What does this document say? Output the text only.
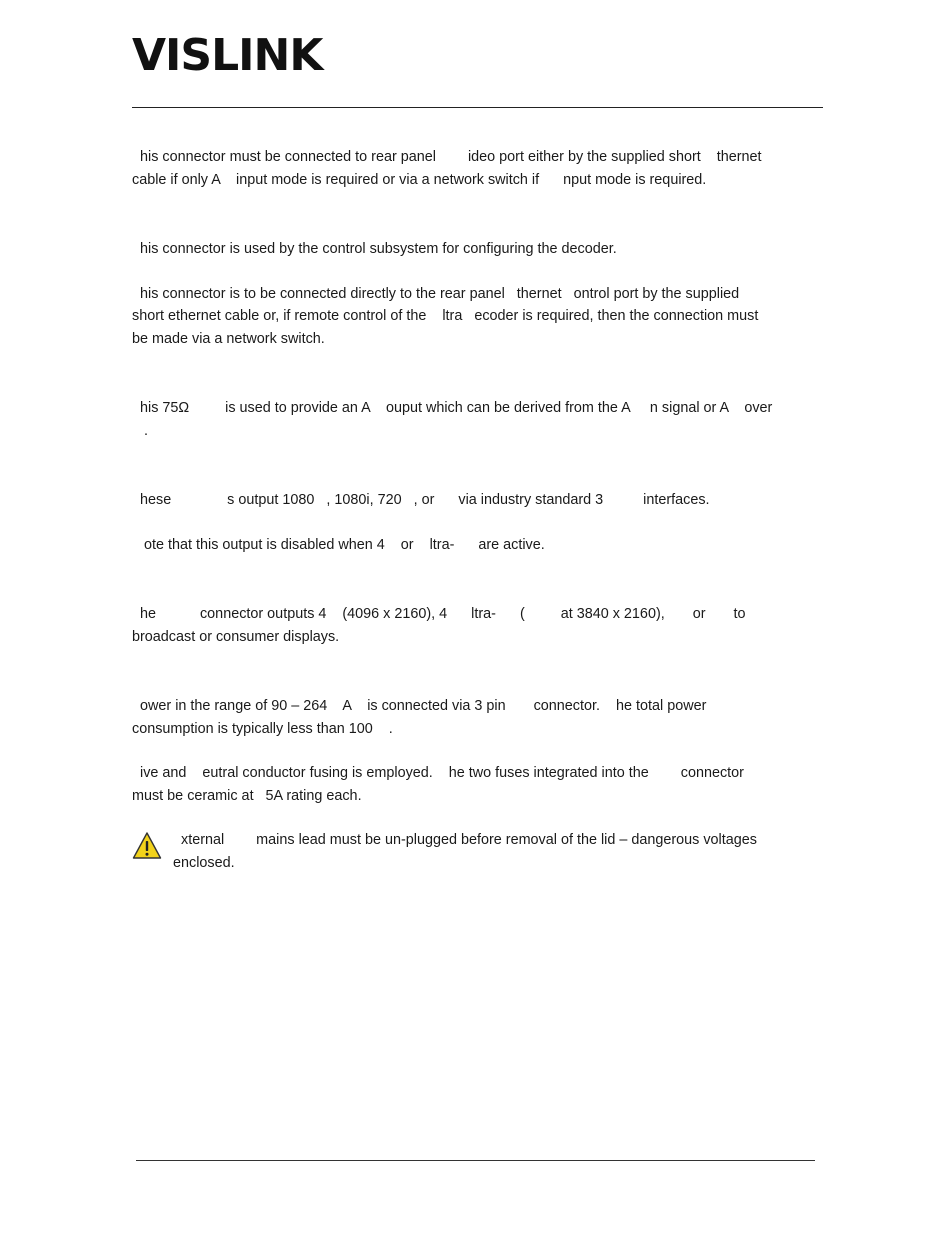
VISLINK

his connector must be connected to rear panel        ideo port either by the supplied short    thernet
cable if only A    input mode is required or via a network switch if      nput mode is required.

his connector is used by the control subsystem for configuring the decoder.

his connector is to be connected directly to the rear panel   thernet   ontrol port by the supplied
short ethernet cable or, if remote control of the    ltra   ecoder is required, then the connection must
be made via a network switch.

his 75Ω         is used to provide an A    ouput which can be derived from the A     n signal or A    over
.

hese              s output 1080   , 1080i, 720   , or      via industry standard 3          interfaces.

ote that this output is disabled when 4    or    ltra-      are active.

he           connector outputs 4    (4096 x 2160), 4      ltra-      (         at 3840 x 2160),       or       to
broadcast or consumer displays.

ower in the range of 90 – 264    A    is connected via 3 pin       connector.    he total power
consumption is typically less than 100    .

ive and    eutral conductor fusing is employed.    he two fuses integrated into the        connector
must be ceramic at   5A rating each.

xternal        mains lead must be un-plugged before removal of the lid – dangerous voltages
enclosed.
